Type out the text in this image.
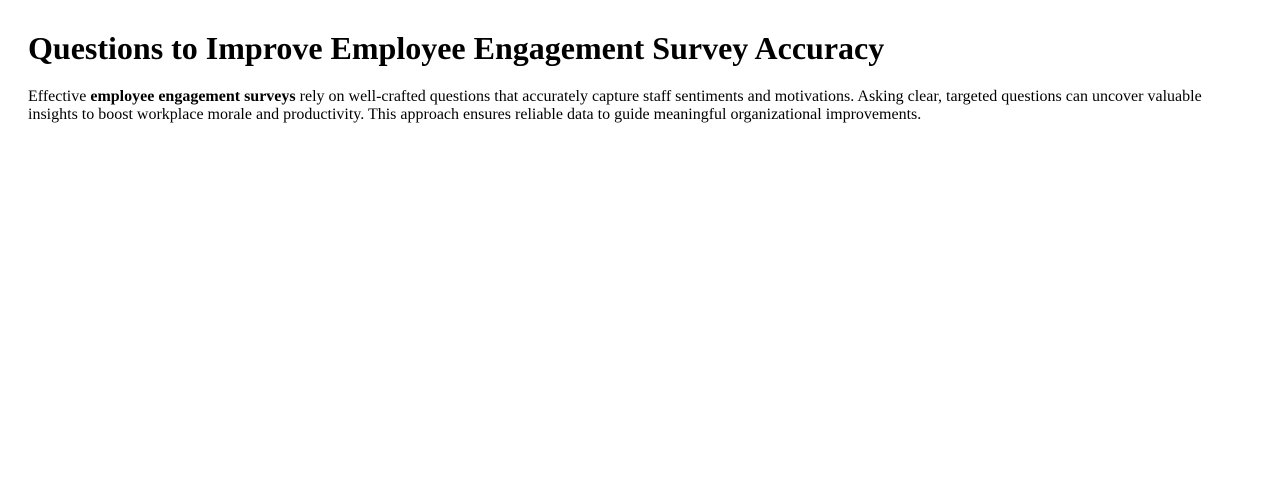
Questions to Improve Employee Engagement Survey Accuracy

Effective employee engagement surveys rely on well-crafted questions that accurately capture staff sentiments and motivations. Asking clear, targeted questions can uncover valuable insights to boost workplace morale and productivity. This approach ensures reliable data to guide meaningful organizational improvements.
